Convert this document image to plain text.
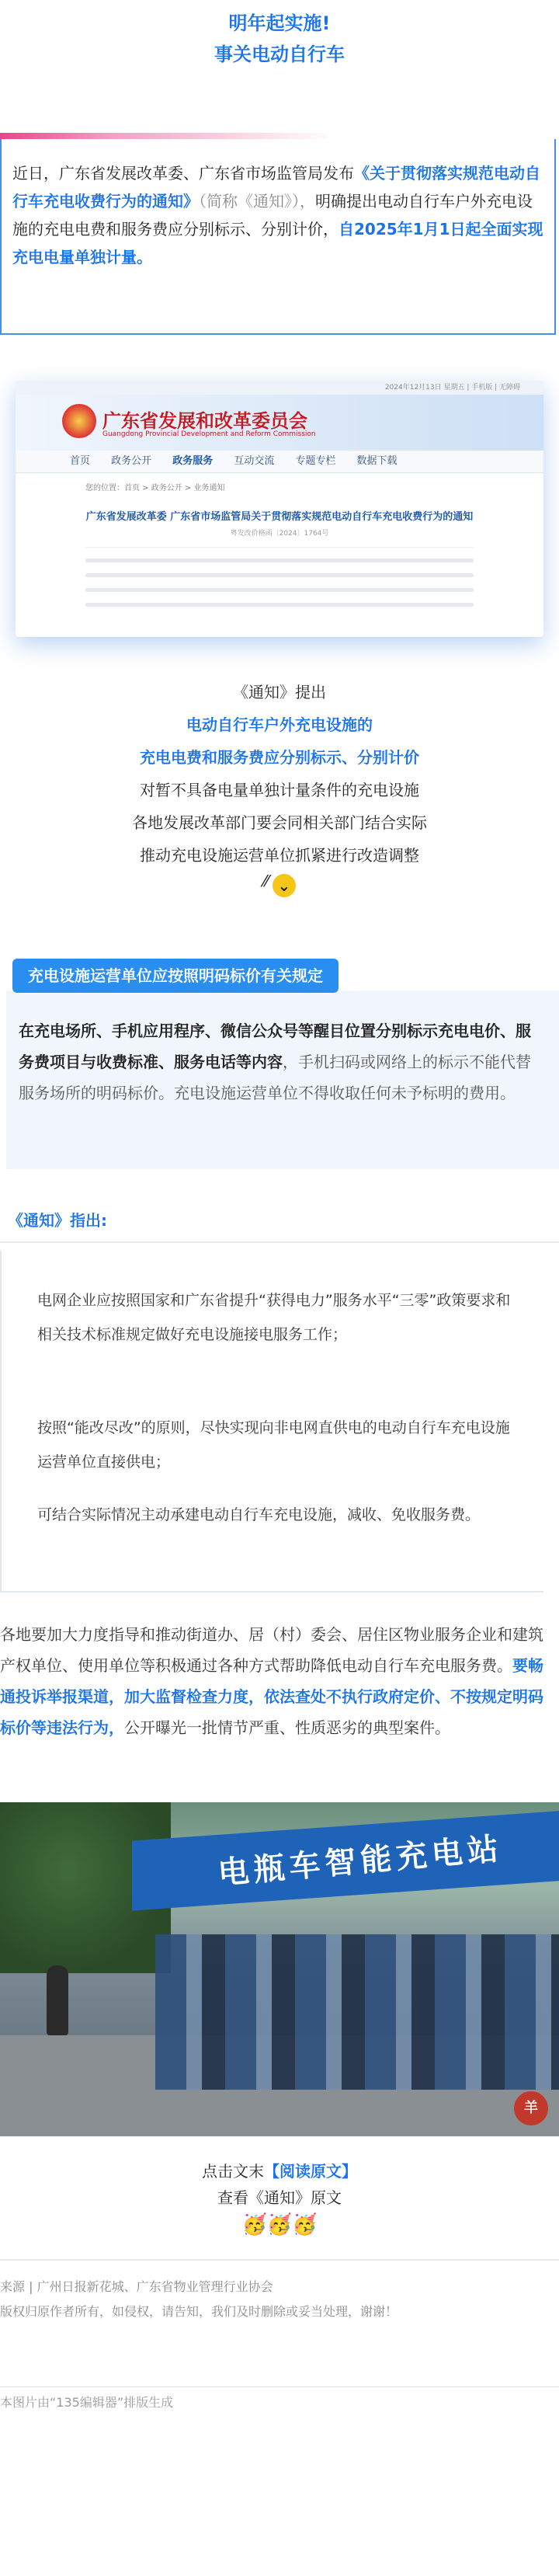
明年起实施!
事关电动自行车

近日，广东省发展改革委、广东省市场监管局发布《关于贯彻落实规范电动自行车充电收费行为的通知》（简称《通知》），明确提出电动自行车户外充电设施的充电电费和服务费应分别标示、分别计价，自2025年1月1日起全面实现充电电量单独计量。

2024年12月13日 星期五 | 手机版 | 无障碍
广东省发展和改革委员会
Guangdong Provincial Development and Reform Commission
首页 政务公开 政务服务 互动交流 专题专栏 数据下载
您的位置：首页 > 政务公开 > 业务通知
广东省发展改革委 广东省市场监管局关于贯彻落实规范电动自行车充电收费行为的通知
粤发改价格函〔2024〕1764号
《通知》提出
电动自行车户外充电设施的
充电电费和服务费应分别标示、分别计价
对暂不具备电量单独计量条件的充电设施
各地发展改革部门要会同相关部门结合实际
推动充电设施运营单位抓紧进行改造调整
⁄⁄ ⌄

在充电场所、手机应用程序、微信公众号等醒目位置分别标示充电电价、服务费项目与收费标准、服务电话等内容，手机扫码或网络上的标示不能代替服务场所的明码标价。充电设施运营单位不得收取任何未予标明的费用。

充电设施运营单位应按照明码标价有关规定
《通知》指出:
电网企业应按照国家和广东省提升“获得电力”服务水平“三零”政策要求和相关技术标准规定做好充电设施接电服务工作；
按照“能改尽改”的原则，尽快实现向非电网直供电的电动自行车充电设施运营单位直接供电；
可结合实际情况主动承建电动自行车充电设施，减收、免收服务费。

各地要加大力度指导和推动街道办、居（村）委会、居住区物业服务企业和建筑产权单位、使用单位等积极通过各种方式帮助降低电动自行车充电服务费。要畅通投诉举报渠道，加大监督检查力度，依法查处不执行政府定价、不按规定明码标价等违法行为，公开曝光一批情节严重、性质恶劣的典型案件。

电瓶车智能充电站
羊
点击文末【阅读原文】
查看《通知》原文
🥳🥳🥳

来源 | 广州日报新花城、广东省物业管理行业协会

版权归原作者所有，如侵权，请告知，我们及时删除或妥当处理，谢谢！

本图片由“135编辑器”排版生成
